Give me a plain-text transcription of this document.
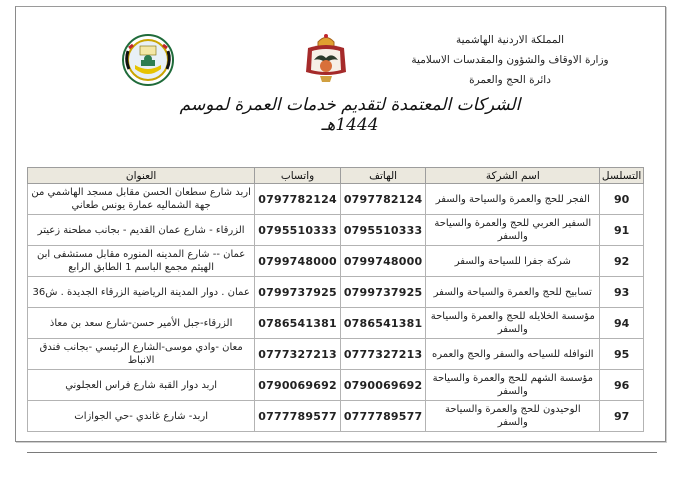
المملكة الاردنية الهاشمية
وزارة الاوقاف والشؤون والمقدسات الاسلامية
دائرة الحج والعمرة
الشركات المعتمدة لتقديم خدمات العمرة لموسم 1444هـ
التسلسل	اسم الشركة	الهاتف	واتساب	العنوان
90	الفجر للحج والعمرة والسياحة والسفر	0797782124	0797782124	اربد شارع سطعان الحسن مقابل مسجد الهاشمي من جهة الشماليه عمارة يونس طعاني
91	السفير العربي للحج والعمرة والسياحة والسفر	0795510333	0795510333	الزرقاء - شارع عمان القديم - بجانب مطحنة زعيتر
92	شركة جفرا للسياحة والسفر	0799748000	0799748000	عمان -- شارع المدينه المنوره مقابل مستشفى ابن الهيثم مجمع الباسم 1 الطابق الرابع
93	تسابيح للحج والعمرة والسياحة والسفر	0799737925	0799737925	عمان . دوار المدينة الرياضية الزرقاء الجديدة . ش36
94	مؤسسة الخلايله للحج والعمرة والسياحة والسفر	0786541381	0786541381	الزرقاء-جبل الأمير حسن-شارع سعد بن معاذ
95	النوافله للسياحه والسفر والحج والعمره	0777327213	0777327213	معان -وادي موسى-الشارع الرئيسي -بجانب فندق الانباط
96	مؤسسة الشهم للحج والعمرة والسياحة والسفر	0790069692	0790069692	اربد دوار القبة شارع فراس العجلوني
97	الوحيدون للحج والعمرة والسياحة والسفر	0777789577	0777789577	اربد- شارع غاندي -حي الجوازات
